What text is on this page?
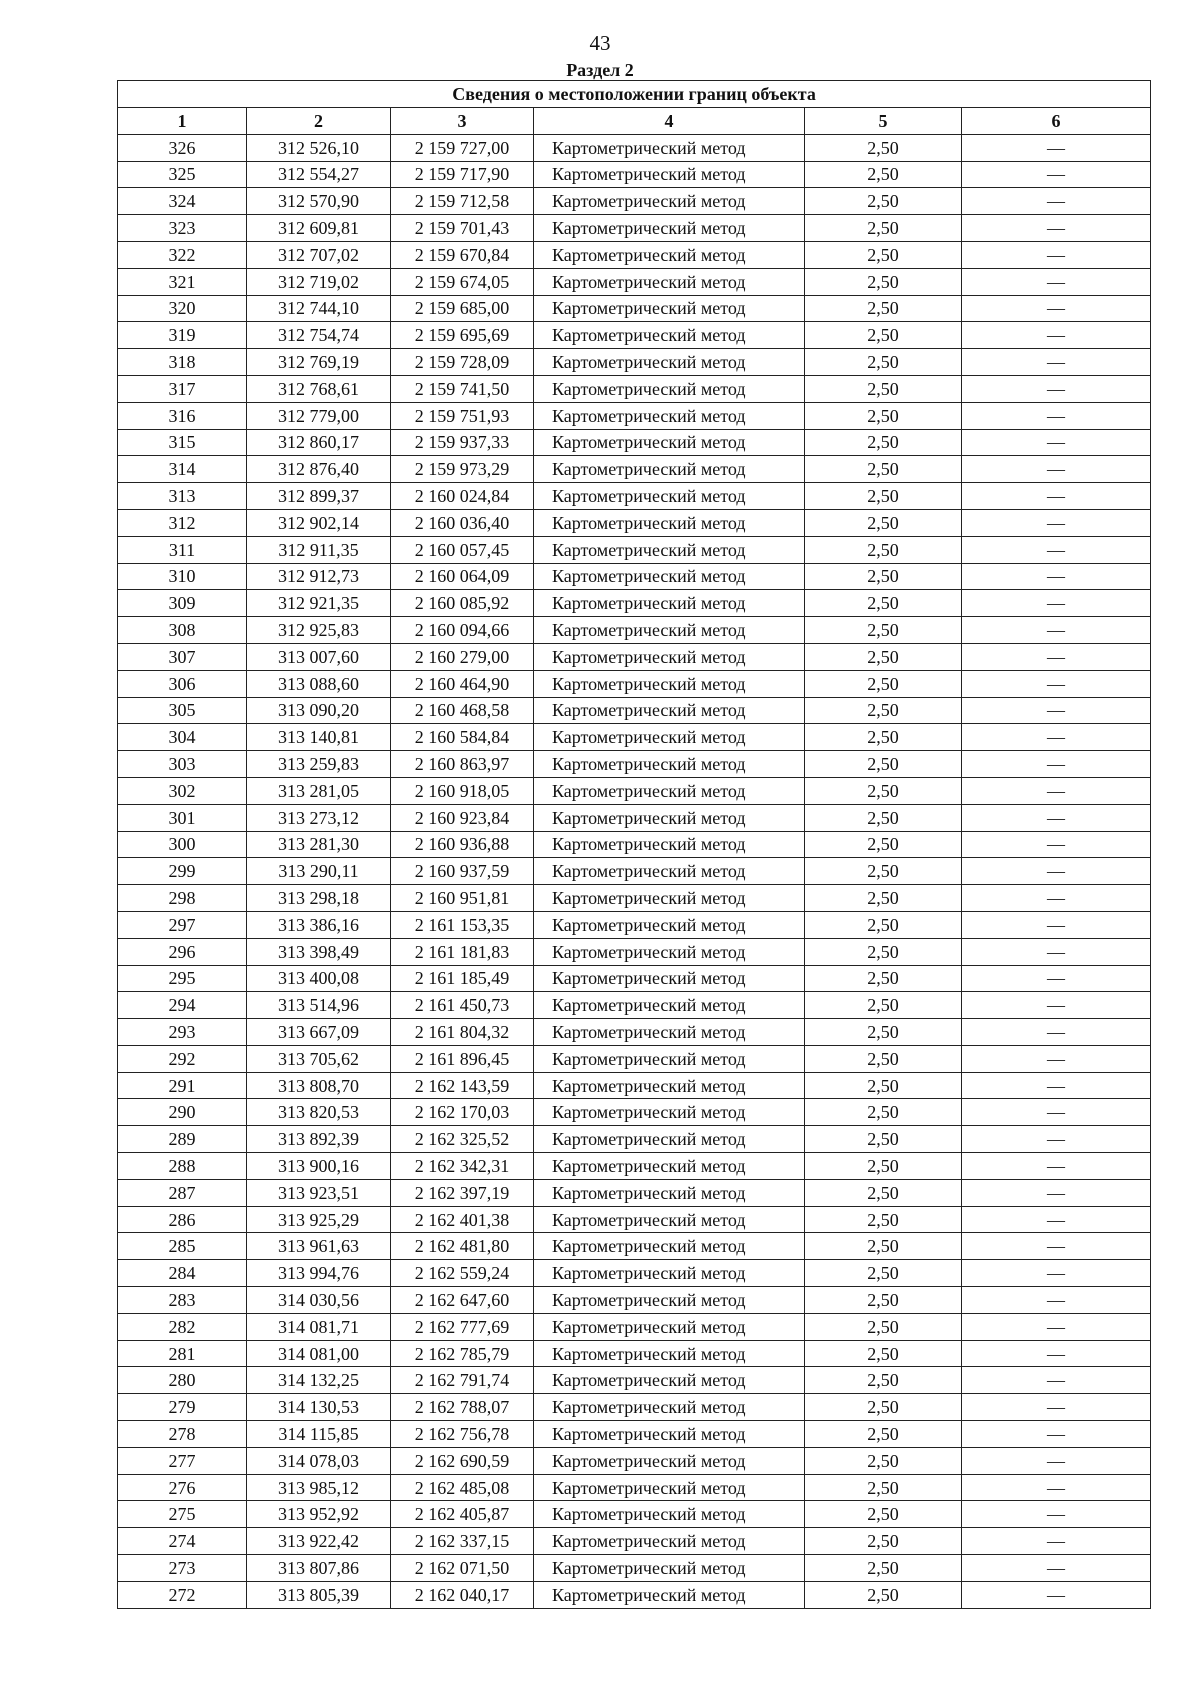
43
Раздел 2
Сведения о местоположении границ объекта					
1	2	3	4	5	6
326	312 526,10	2 159 727,00	Картометрический метод	2,50	—
325	312 554,27	2 159 717,90	Картометрический метод	2,50	—
324	312 570,90	2 159 712,58	Картометрический метод	2,50	—
323	312 609,81	2 159 701,43	Картометрический метод	2,50	—
322	312 707,02	2 159 670,84	Картометрический метод	2,50	—
321	312 719,02	2 159 674,05	Картометрический метод	2,50	—
320	312 744,10	2 159 685,00	Картометрический метод	2,50	—
319	312 754,74	2 159 695,69	Картометрический метод	2,50	—
318	312 769,19	2 159 728,09	Картометрический метод	2,50	—
317	312 768,61	2 159 741,50	Картометрический метод	2,50	—
316	312 779,00	2 159 751,93	Картометрический метод	2,50	—
315	312 860,17	2 159 937,33	Картометрический метод	2,50	—
314	312 876,40	2 159 973,29	Картометрический метод	2,50	—
313	312 899,37	2 160 024,84	Картометрический метод	2,50	—
312	312 902,14	2 160 036,40	Картометрический метод	2,50	—
311	312 911,35	2 160 057,45	Картометрический метод	2,50	—
310	312 912,73	2 160 064,09	Картометрический метод	2,50	—
309	312 921,35	2 160 085,92	Картометрический метод	2,50	—
308	312 925,83	2 160 094,66	Картометрический метод	2,50	—
307	313 007,60	2 160 279,00	Картометрический метод	2,50	—
306	313 088,60	2 160 464,90	Картометрический метод	2,50	—
305	313 090,20	2 160 468,58	Картометрический метод	2,50	—
304	313 140,81	2 160 584,84	Картометрический метод	2,50	—
303	313 259,83	2 160 863,97	Картометрический метод	2,50	—
302	313 281,05	2 160 918,05	Картометрический метод	2,50	—
301	313 273,12	2 160 923,84	Картометрический метод	2,50	—
300	313 281,30	2 160 936,88	Картометрический метод	2,50	—
299	313 290,11	2 160 937,59	Картометрический метод	2,50	—
298	313 298,18	2 160 951,81	Картометрический метод	2,50	—
297	313 386,16	2 161 153,35	Картометрический метод	2,50	—
296	313 398,49	2 161 181,83	Картометрический метод	2,50	—
295	313 400,08	2 161 185,49	Картометрический метод	2,50	—
294	313 514,96	2 161 450,73	Картометрический метод	2,50	—
293	313 667,09	2 161 804,32	Картометрический метод	2,50	—
292	313 705,62	2 161 896,45	Картометрический метод	2,50	—
291	313 808,70	2 162 143,59	Картометрический метод	2,50	—
290	313 820,53	2 162 170,03	Картометрический метод	2,50	—
289	313 892,39	2 162 325,52	Картометрический метод	2,50	—
288	313 900,16	2 162 342,31	Картометрический метод	2,50	—
287	313 923,51	2 162 397,19	Картометрический метод	2,50	—
286	313 925,29	2 162 401,38	Картометрический метод	2,50	—
285	313 961,63	2 162 481,80	Картометрический метод	2,50	—
284	313 994,76	2 162 559,24	Картометрический метод	2,50	—
283	314 030,56	2 162 647,60	Картометрический метод	2,50	—
282	314 081,71	2 162 777,69	Картометрический метод	2,50	—
281	314 081,00	2 162 785,79	Картометрический метод	2,50	—
280	314 132,25	2 162 791,74	Картометрический метод	2,50	—
279	314 130,53	2 162 788,07	Картометрический метод	2,50	—
278	314 115,85	2 162 756,78	Картометрический метод	2,50	—
277	314 078,03	2 162 690,59	Картометрический метод	2,50	—
276	313 985,12	2 162 485,08	Картометрический метод	2,50	—
275	313 952,92	2 162 405,87	Картометрический метод	2,50	—
274	313 922,42	2 162 337,15	Картометрический метод	2,50	—
273	313 807,86	2 162 071,50	Картометрический метод	2,50	—
272	313 805,39	2 162 040,17	Картометрический метод	2,50	—
